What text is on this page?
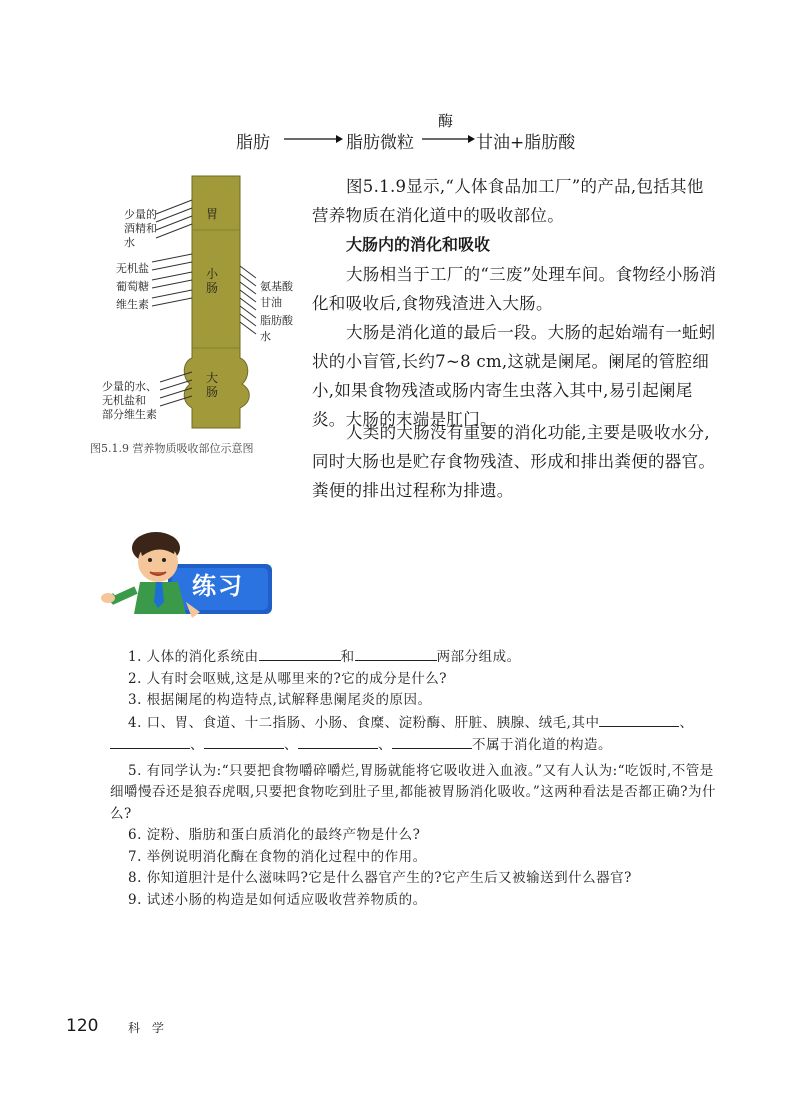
脂肪	脂肪微粒
酶
甘油+脂肪酸
胃
小
肠
大
肠
少量的
酒精和
水
无机盐
葡萄糖
维生素
氨基酸
甘油
脂肪酸
水
少量的水、
无机盐和
部分维生素
图5.1.9 营养物质吸收部位示意图

图5.1.9显示,“人体食品加工厂”的产品,包括其他营养物质在消化道中的吸收部位。

大肠内的消化和吸收

大肠相当于工厂的“三废”处理车间。食物经小肠消化和吸收后,食物残渣进入大肠。

大肠是消化道的最后一段。大肠的起始端有一蚯蚓状的小盲管,长约7~8 cm,这就是阑尾。阑尾的管腔细小,如果食物残渣或肠内寄生虫落入其中,易引起阑尾炎。大肠的末端是肛门。

人类的大肠没有重要的消化功能,主要是吸收水分,同时大肠也是贮存食物残渣、形成和排出粪便的器官。粪便的排出过程称为排遗。

练习

1. 人体的消化系统由	和	两部分组成。

2. 人有时会呕贼,这是从哪里来的?它的成分是什么?

3. 根据阑尾的构造特点,试解释患阑尾炎的原因。

4. 口、胃、食道、十二指肠、小肠、食糜、淀粉酶、肝脏、胰腺、绒毛,其中	、
、	、	、	不属于消化道的构造。

5. 有同学认为:“只要把食物嚼碎嚼烂,胃肠就能将它吸收进入血液。”又有人认为:“吃饭时,不管是细嚼慢吞还是狼吞虎咽,只要把食物吃到肚子里,都能被胃肠消化吸收。”这两种看法是否都正确?为什么?

6. 淀粉、脂肪和蛋白质消化的最终产物是什么?

7. 举例说明消化酶在食物的消化过程中的作用。

8. 你知道胆汁是什么滋味吗?它是什么器官产生的?它产生后又被输送到什么器官?

9. 试述小肠的构造是如何适应吸收营养物质的。

120 科 学
